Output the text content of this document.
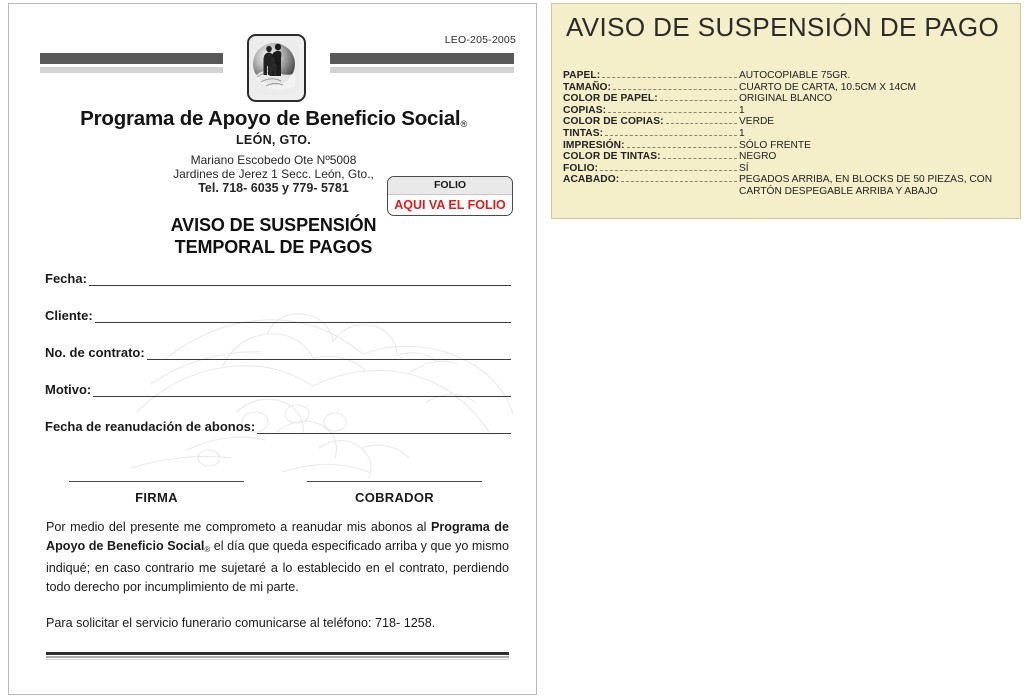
LEO-205-2005
Programa de Apoyo de Beneficio Social®
LEÓN, GTO.
Mariano Escobedo Ote Nº5008
Jardines de Jerez 1 Secc. León, Gto.,
Tel. 718- 6035 y 779- 5781	FOLIO
AQUI VA EL FOLIO
AVISO DE SUSPENSIÓN
TEMPORAL DE PAGOS
Fecha:
Cliente:
No. de contrato:
Motivo:
Fecha de reanudación de abonos:
FIRMA	COBRADOR
Por medio del presente me comprometo a reanudar mis abonos al Programa de Apoyo de Beneficio Social® el día que queda especificado arriba y que yo mismo indiqué; en caso contrario me sujetaré a lo establecido en el contrato, perdiendo todo derecho por incumplimiento de mi parte.
Para solicitar el servicio funerario comunicarse al teléfono: 718- 1258.
AVISO DE SUSPENSIÓN DE PAGO
PAPEL:	AUTOCOPIABLE 75GR.
TAMAÑO:	CUARTO DE CARTA, 10.5CM X 14CM
COLOR DE PAPEL:	ORIGINAL BLANCO
COPIAS:	1
COLOR DE COPIAS:	VERDE
TINTAS:	1
IMPRESIÓN:	SÓLO FRENTE
COLOR DE TINTAS:	NEGRO
FOLIO:	SÍ
ACABADO:	PEGADOS ARRIBA, EN BLOCKS DE 50 PIEZAS, CON
CARTÓN DESPEGABLE ARRIBA Y ABAJO
